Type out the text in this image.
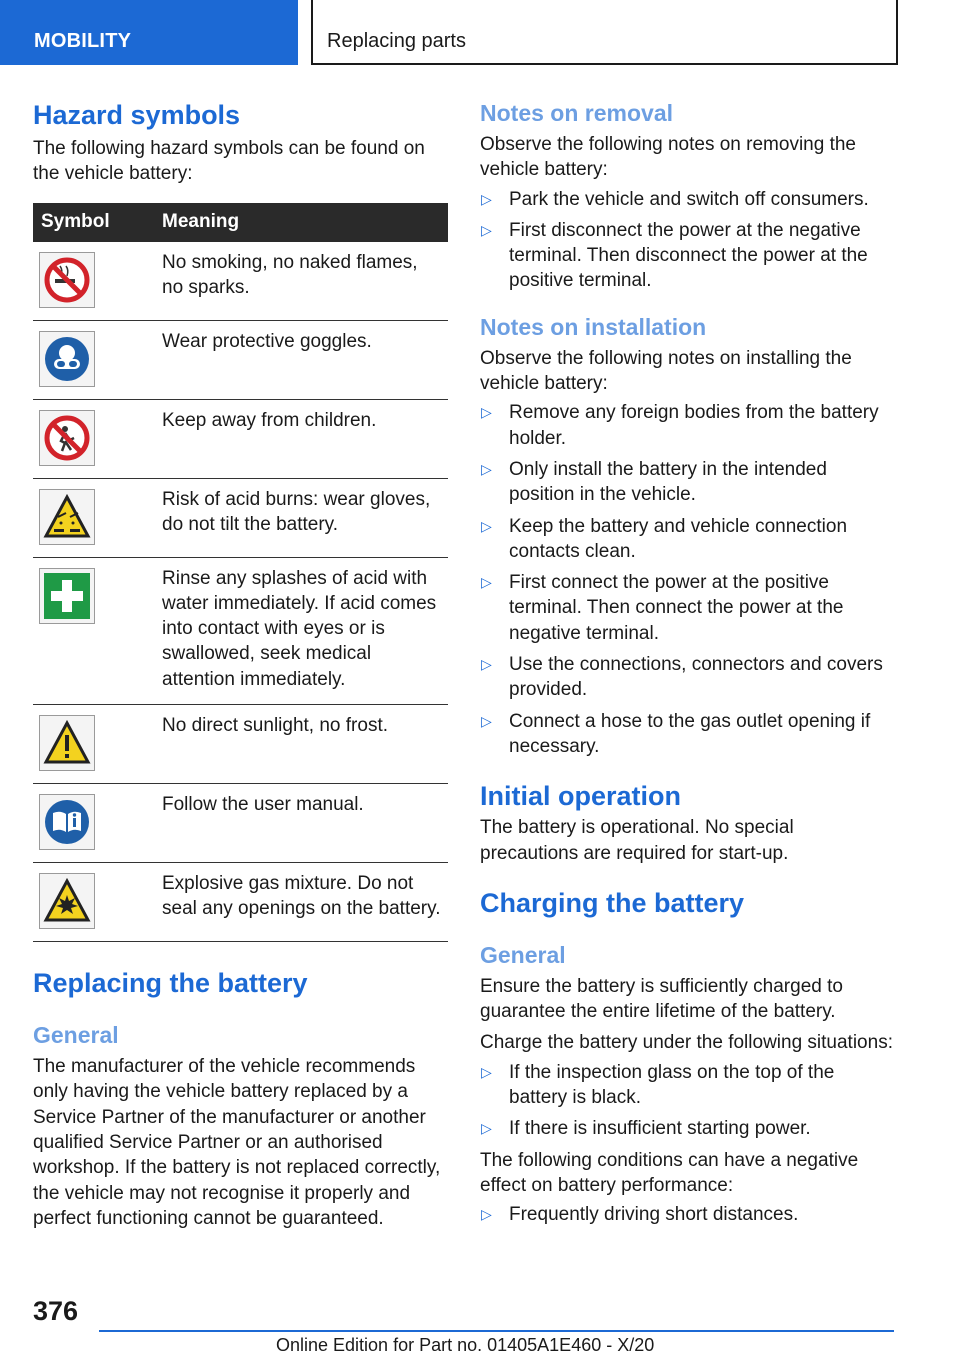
MOBILITY	Replacing parts
Hazard symbols

The following hazard symbols can be found on the vehicle battery:

Symbol	Meaning

	No smoking, no naked flames, no sparks.

	Wear protective goggles.

	Keep away from children.

	Risk of acid burns: wear gloves, do not tilt the battery.

	Rinse any splashes of acid with water immediately. If acid comes into contact with eyes or is swallowed, seek medical attention immediately.

	No direct sunlight, no frost.

	Follow the user manual.

	Explosive gas mixture. Do not seal any openings on the battery.
Replacing the battery
General

The manufacturer of the vehicle recommends only having the vehicle battery replaced by a Service Partner of the manufacturer or another qualified Service Partner or an authorised workshop. If the battery is not replaced correctly, the vehicle may not recognise it properly and perfect functioning cannot be guaranteed.

Notes on removal

Observe the following notes on removing the vehicle battery:

▷ Park the vehicle and switch off consumers.
▷ First disconnect the power at the negative terminal. Then disconnect the power at the positive terminal.
Notes on installation

Observe the following notes on installing the vehicle battery:

▷ Remove any foreign bodies from the battery holder.
▷ Only install the battery in the intended position in the vehicle.
▷ Keep the battery and vehicle connection contacts clean.
▷ First connect the power at the positive terminal. Then connect the power at the negative terminal.
▷ Use the connections, connectors and covers provided.
▷ Connect a hose to the gas outlet opening if necessary.
Initial operation

The battery is operational. No special precautions are required for start-up.

Charging the battery
General

Ensure the battery is sufficiently charged to guarantee the entire lifetime of the battery.

Charge the battery under the following situations:

▷ If the inspection glass on the top of the battery is black.
▷ If there is insufficient starting power.

The following conditions can have a negative effect on battery performance:

▷ Frequently driving short distances.
376
Online Edition for Part no. 01405A1E460 - X/20
